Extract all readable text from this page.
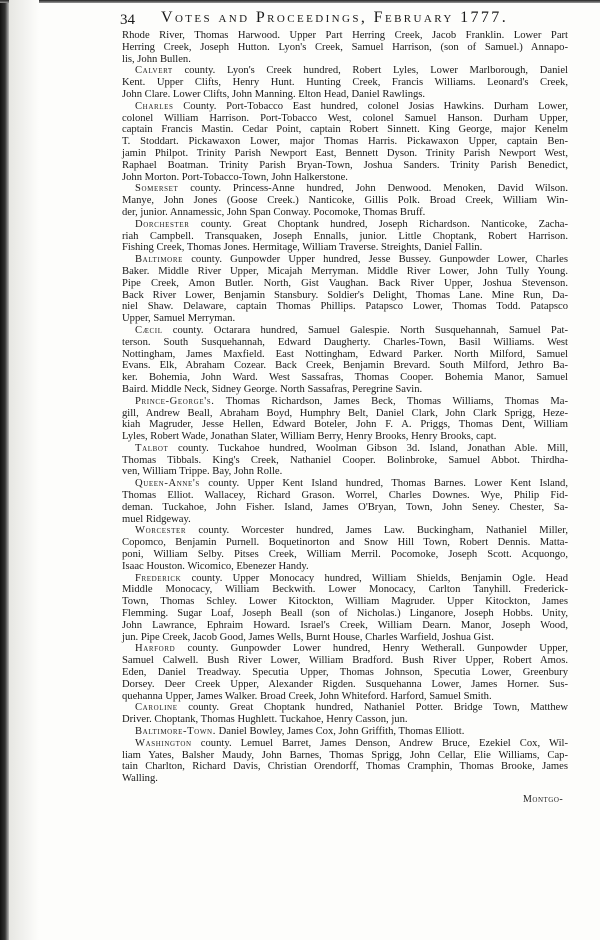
34 Votes and Proceedings, February 1777.
Rhode River, Thomas Harwood. Upper Part Herring Creek, Jacob Franklin. Lower Part
Herring Creek, Joseph Hutton. Lyon's Creek, Samuel Harrison, (son of Samuel.) Annapo-
lis, John Bullen.
Calvert county. Lyon's Creek hundred, Robert Lyles, Lower Marlborough, Daniel
Kent. Upper Clifts, Henry Hunt. Hunting Creek, Francis Williams. Leonard's Creek,
John Clare. Lower Clifts, John Manning. Elton Head, Daniel Rawlings.
Charles County. Port-Tobacco East hundred, colonel Josias Hawkins. Durham Lower,
colonel William Harrison. Port-Tobacco West, colonel Samuel Hanson. Durham Upper,
captain Francis Mastin. Cedar Point, captain Robert Sinnett. King George, major Kenelm
T. Stoddart. Pickawaxon Lower, major Thomas Harris. Pickawaxon Upper, captain Ben-
jamin Philpot. Trinity Parish Newport East, Bennett Dyson. Trinity Parish Newport West,
Raphael Boatman. Trinity Parish Bryan-Town, Joshua Sanders. Trinity Parish Benedict,
John Morton. Port-Tobacco-Town, John Halkerstone.
Somerset county. Princess-Anne hundred, John Denwood. Menoken, David Wilson.
Manye, John Jones (Goose Creek.) Nanticoke, Gillis Polk. Broad Creek, William Win-
der, junior. Annamessic, John Span Conway. Pocomoke, Thomas Bruff.
Dorchester county. Great Choptank hundred, Joseph Richardson. Nanticoke, Zacha-
riah Campbell. Transquaken, Joseph Ennalls, junior. Little Choptank, Robert Harrison.
Fishing Creek, Thomas Jones. Hermitage, William Traverse. Streights, Daniel Fallin.
Baltimore county. Gunpowder Upper hundred, Jesse Bussey. Gunpowder Lower, Charles
Baker. Middle River Upper, Micajah Merryman. Middle River Lower, John Tully Young.
Pipe Creek, Amon Butler. North, Gist Vaughan. Back River Upper, Joshua Stevenson.
Back River Lower, Benjamin Stansbury. Soldier's Delight, Thomas Lane. Mine Run, Da-
niel Shaw. Delaware, captain Thomas Phillips. Patapsco Lower, Thomas Todd. Patapsco
Upper, Samuel Merryman.
Cæcil county. Octarara hundred, Samuel Galespie. North Susquehannah, Samuel Pat-
terson. South Susquehannah, Edward Daugherty. Charles-Town, Basil Williams. West
Nottingham, James Maxfield. East Nottingham, Edward Parker. North Milford, Samuel
Evans. Elk, Abraham Cozear. Back Creek, Benjamin Brevard. South Milford, Jethro Ba-
ker. Bohemia, John Ward. West Sassafras, Thomas Cooper. Bohemia Manor, Samuel
Baird. Middle Neck, Sidney George. North Sassafras, Peregrine Savin.
Prince-George's. Thomas Richardson, James Beck, Thomas Williams, Thomas Ma-
gill, Andrew Beall, Abraham Boyd, Humphry Belt, Daniel Clark, John Clark Sprigg, Heze-
kiah Magruder, Jesse Hellen, Edward Boteler, John F. A. Priggs, Thomas Dent, William
Lyles, Robert Wade, Jonathan Slater, William Berry, Henry Brooks, Henry Brooks, capt.
Talbot county. Tuckahoe hundred, Woolman Gibson 3d. Island, Jonathan Able. Mill,
Thomas Tibbals. King's Creek, Nathaniel Cooper. Bolinbroke, Samuel Abbot. Thirdha-
ven, William Trippe. Bay, John Rolle.
Queen-Anne's county. Upper Kent Island hundred, Thomas Barnes. Lower Kent Island,
Thomas Elliot. Wallacey, Richard Grason. Worrel, Charles Downes. Wye, Philip Fid-
deman. Tuckahoe, John Fisher. Island, James O'Bryan, Town, John Seney. Chester, Sa-
muel Ridgeway.
Worcester county. Worcester hundred, James Law. Buckingham, Nathaniel Miller,
Copomco, Benjamin Purnell. Boquetinorton and Snow Hill Town, Robert Dennis. Matta-
poni, William Selby. Pitses Creek, William Merril. Pocomoke, Joseph Scott. Acquongo,
Isaac Houston. Wicomico, Ebenezer Handy.
Frederick county. Upper Monocacy hundred, William Shields, Benjamin Ogle. Head
Middle Monocacy, William Beckwith. Lower Monocacy, Carlton Tanyhill. Frederick-
Town, Thomas Schley. Lower Kitockton, William Magruder. Upper Kitockton, James
Flemming. Sugar Loaf, Joseph Beall (son of Nicholas.) Linganore, Joseph Hobbs. Unity,
John Lawrance, Ephraim Howard. Israel's Creek, William Dearn. Manor, Joseph Wood,
jun. Pipe Creek, Jacob Good, James Wells, Burnt House, Charles Warfield, Joshua Gist.
Harford county. Gunpowder Lower hundred, Henry Wetherall. Gunpowder Upper,
Samuel Calwell. Bush River Lower, William Bradford. Bush River Upper, Robert Amos.
Eden, Daniel Treadway. Specutia Upper, Thomas Johnson, Specutia Lower, Greenbury
Dorsey. Deer Creek Upper, Alexander Rigden. Susquehanna Lower, James Horner. Sus-
quehanna Upper, James Walker. Broad Creek, John Whiteford. Harford, Samuel Smith.
Caroline county. Great Choptank hundred, Nathaniel Potter. Bridge Town, Matthew
Driver. Choptank, Thomas Hughlett. Tuckahoe, Henry Casson, jun.
Baltimore-Town. Daniel Bowley, James Cox, John Griffith, Thomas Elliott.
Washington county. Lemuel Barret, James Denson, Andrew Bruce, Ezekiel Cox, Wil-
liam Yates, Balsher Maudy, John Barnes, Thomas Sprigg, John Cellar, Elie Williams, Cap-
tain Charlton, Richard Davis, Christian Orendorff, Thomas Cramphin, Thomas Brooke, James
Walling.
Montgo-
